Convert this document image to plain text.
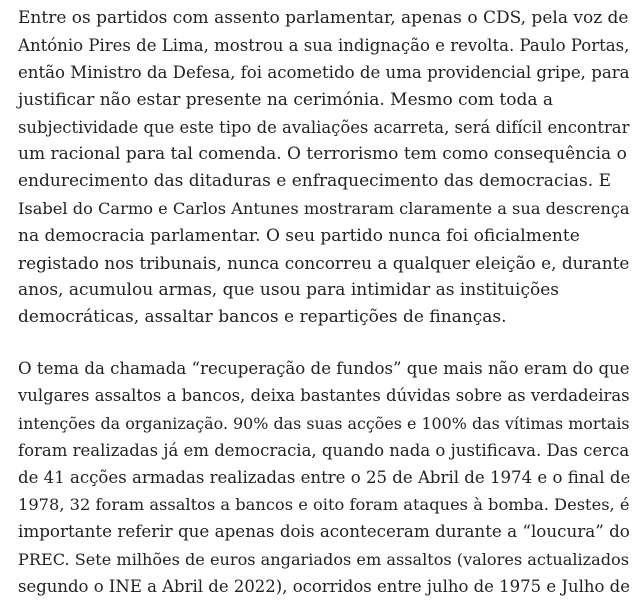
Entre os partidos com assento parlamentar, apenas o CDS, pela voz de
António Pires de Lima, mostrou a sua indignação e revolta. Paulo Portas,
então Ministro da Defesa, foi acometido de uma providencial gripe, para
justificar não estar presente na cerimónia. Mesmo com toda a
subjectividade que este tipo de avaliações acarreta, será difícil encontrar
um racional para tal comenda. O terrorismo tem como consequência o
endurecimento das ditaduras e enfraquecimento das democracias. E
Isabel do Carmo e Carlos Antunes mostraram claramente a sua descrença
na democracia parlamentar. O seu partido nunca foi oficialmente
registado nos tribunais, nunca concorreu a qualquer eleição e, durante
anos, acumulou armas, que usou para intimidar as instituições
democráticas, assaltar bancos e repartições de finanças.

O tema da chamada “recuperação de fundos” que mais não eram do que
vulgares assaltos a bancos, deixa bastantes dúvidas sobre as verdadeiras
intenções da organização. 90% das suas acções e 100% das vítimas mortais
foram realizadas já em democracia, quando nada o justificava. Das cerca
de 41 acções armadas realizadas entre o 25 de Abril de 1974 e o final de
1978, 32 foram assaltos a bancos e oito foram ataques à bomba. Destes, é
importante referir que apenas dois aconteceram durante a “loucura” do
PREC. Sete milhões de euros angariados em assaltos (valores actualizados
segundo o INE a Abril de 2022), ocorridos entre julho de 1975 e Julho de
